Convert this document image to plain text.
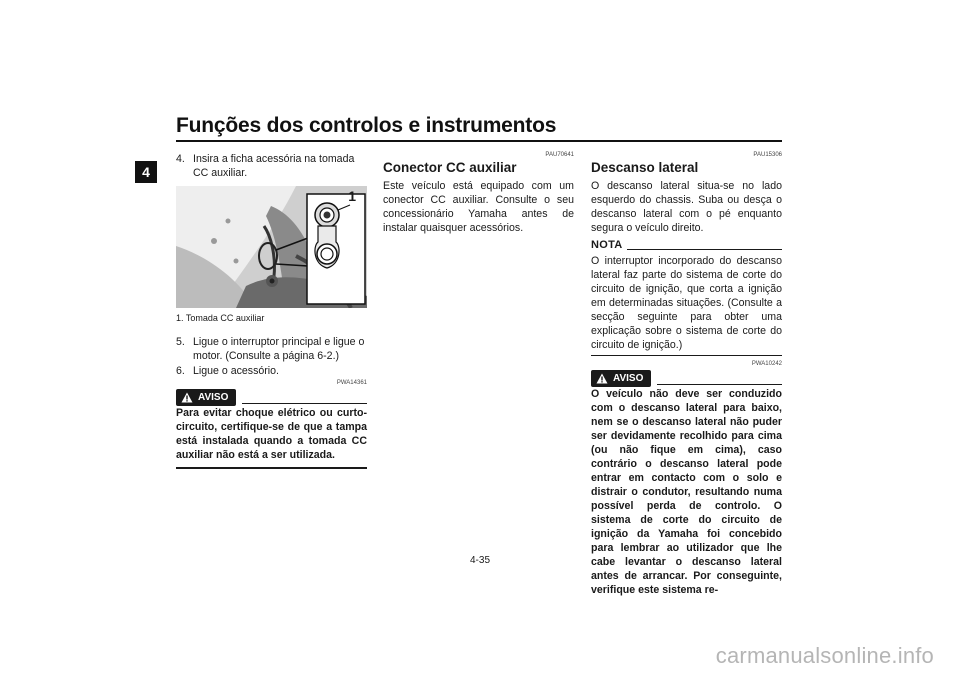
Funções dos controlos e instrumentos
4
4. Insira a ficha acessória na tomada CC auxiliar.
1
1. Tomada CC auxiliar
5. Ligue o interruptor principal e ligue o motor. (Consulte a página 6-2.)
6. Ligue o acessório.
PWA14361
AVISO

Para evitar choque elétrico ou curto-circuito, certifique-se de que a tampa está instalada quando a tomada CC auxiliar não está a ser utilizada.

PAU70641
Conector CC auxiliar

Este veículo está equipado com um conector CC auxiliar. Consulte o seu concessionário Yamaha antes de instalar quaisquer acessórios.

PAU15306
Descanso lateral

O descanso lateral situa-se no lado esquerdo do chassis. Suba ou desça o descanso lateral com o pé enquanto segura o veículo direito.

NOTA

O interruptor incorporado do descanso lateral faz parte do sistema de corte do circuito de ignição, que corta a ignição em determinadas situações. (Consulte a secção seguinte para obter uma explicação sobre o sistema de corte do circuito de ignição.)

PWA10242
AVISO

O veículo não deve ser conduzido com o descanso lateral para baixo, nem se o descanso lateral não puder ser devidamente recolhido para cima (ou não fique em cima), caso contrário o descanso lateral pode entrar em contacto com o solo e distrair o condutor, resultando numa possível perda de controlo. O sistema de corte do circuito de ignição da Yamaha foi concebido para lembrar ao utilizador que lhe cabe levantar o descanso lateral antes de arrancar. Por conseguinte, verifique este sistema re-

4-35
carmanualsonline.info
